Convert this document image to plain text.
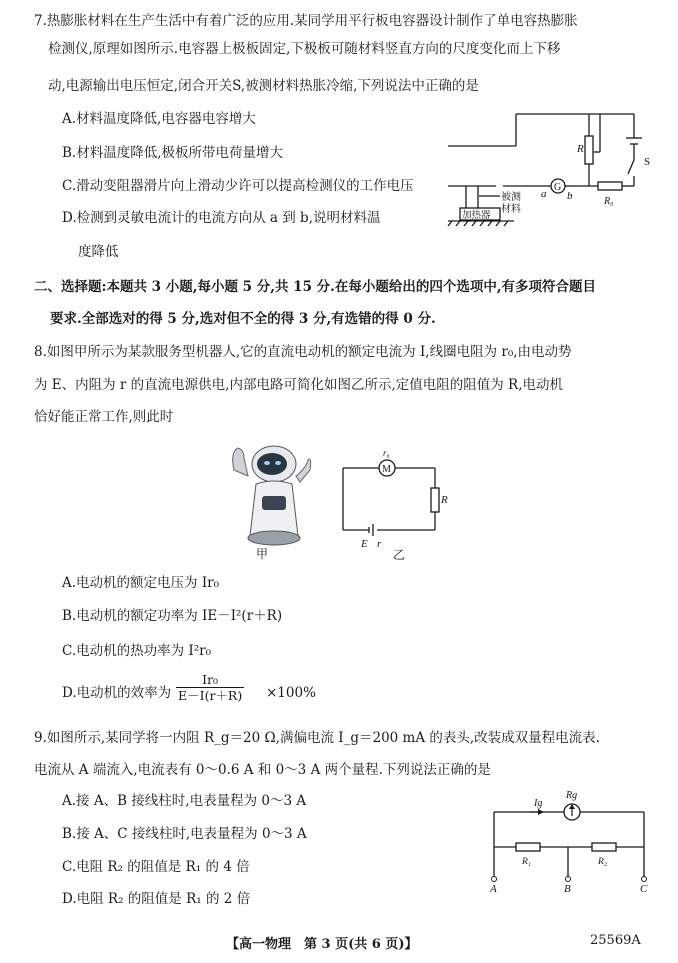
7.热膨胀材料在生产生活中有着广泛的应用.某同学用平行板电容器设计制作了单电容热膨胀
检测仪,原理如图所示.电容器上极板固定,下极板可随材料竖直方向的尺度变化而上下移
动,电源输出电压恒定,闭合开关S,被测材料热胀冷缩,下列说法中正确的是
A.材料温度降低,电容器电容增大
B.材料温度降低,极板所带电荷量增大
C.滑动变阻器滑片向上滑动少许可以提高检测仪的工作电压
D.检测到灵敏电流计的电流方向从 a 到 b,说明材料温
度降低
G
R
S
a b	R₀
被测
材料
加热器
二、选择题:本题共 3 小题,每小题 5 分,共 15 分.在每小题给出的四个选项中,有多项符合题目
要求.全部选对的得 5 分,选对但不全的得 3 分,有选错的得 0 分.
8.如图甲所示为某款服务型机器人,它的直流电动机的额定电流为 I,线圈电阻为 r₀,由电动势
为 E、内阻为 r 的直流电源供电,内部电路可简化如图乙所示,定值电阻的阻值为 R,电动机
恰好能正常工作,则此时
甲
M
r₀
R
E r
乙
A.电动机的额定电压为 Ir₀
B.电动机的额定功率为 IE－I²(r＋R)
C.电动机的热功率为 I²r₀
D.电动机的效率为 $\frac{\text{Ir₀}}{E-I(r+R)} \times 100\%$
9.如图所示,某同学将一内阻 R_g＝20 Ω,满偏电流 I_g＝200 mA 的表头,改装成双量程电流表.
电流从 A 端流入,电流表有 0～0.6 A 和 0～3 A 两个量程.下列说法正确的是
A.接 A、B 接线柱时,电表量程为 0～3 A
B.接 A、C 接线柱时,电表量程为 0～3 A
C.电阻 R₂ 的阻值是 R₁ 的 4 倍
D.电阻 R₂ 的阻值是 R₁ 的 2 倍
Ig
Rg
R₁	R₂
A	B	C
【高一物理　第 3 页(共 6 页)】	25569A
